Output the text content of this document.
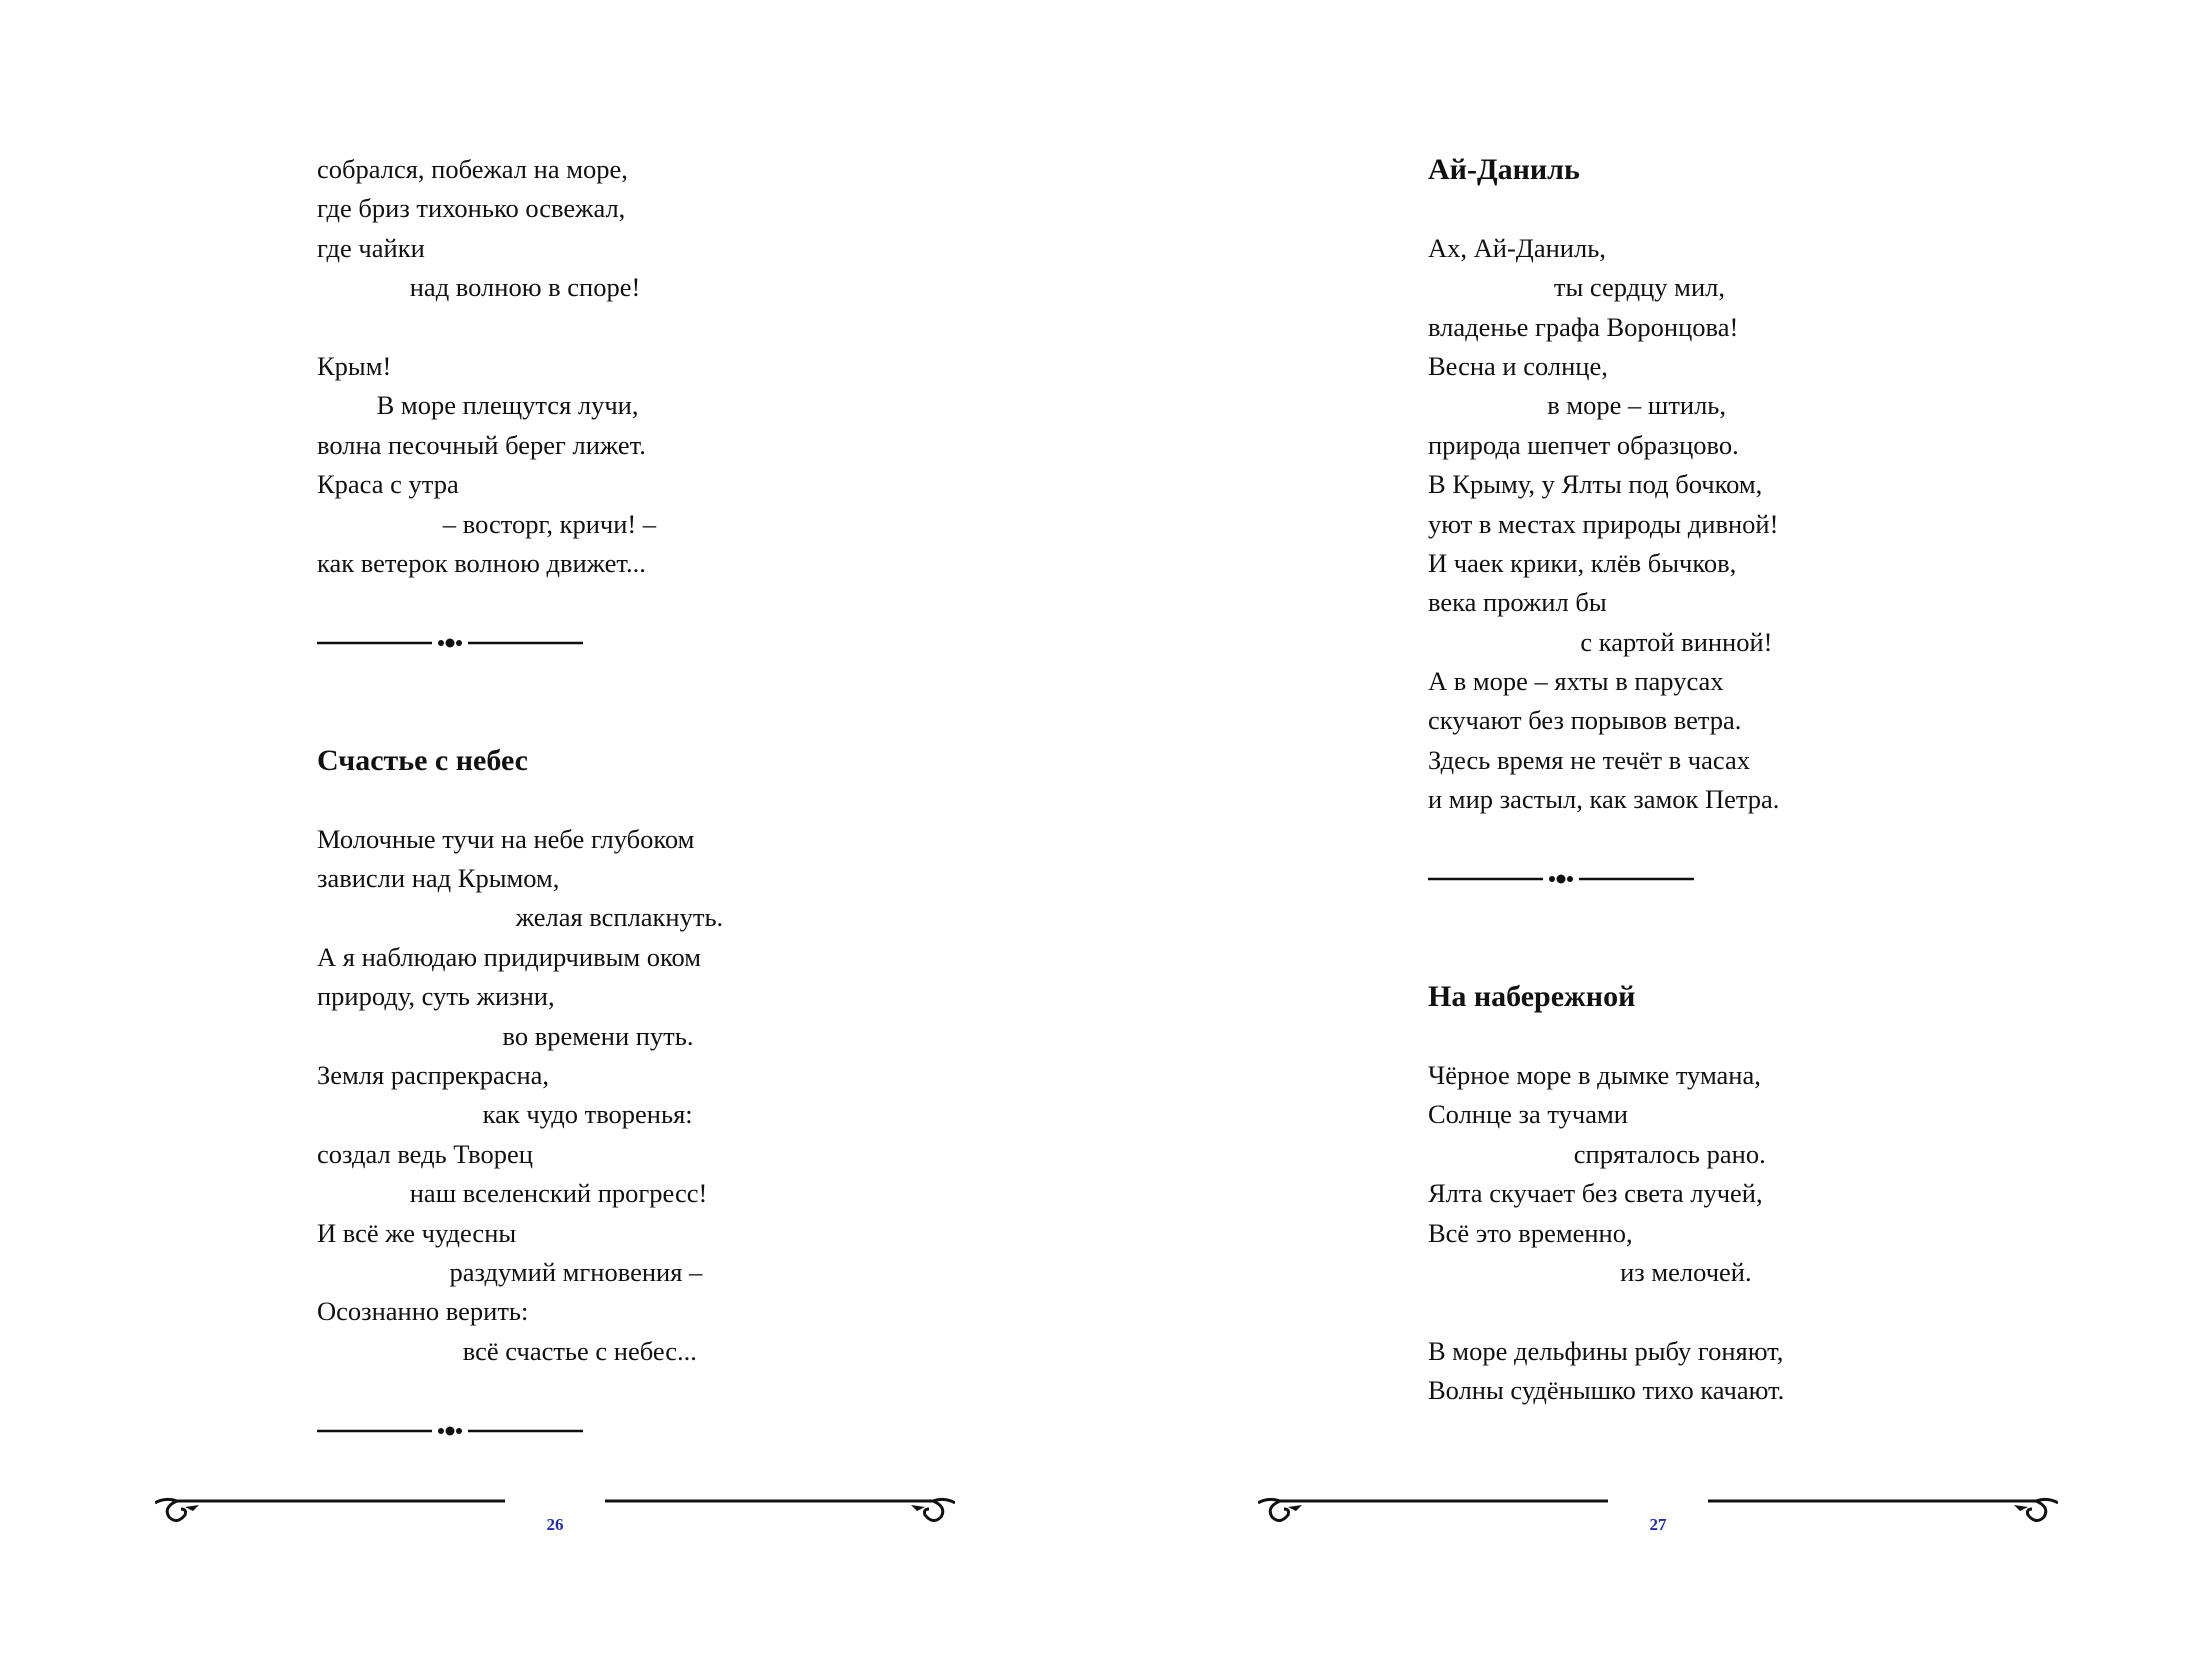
собрался, побежал на море,
где бриз тихонько освежал,
где чайки
над волною в споре!
Крым!
В море плещутся лучи,
волна песочный берег лижет.
Краса с утра
– восторг, кричи! –
как ветерок волною движет...
Счастье с небес
Молочные тучи на небе глубоком
зависли над Крымом,
желая всплакнуть.
А я наблюдаю придирчивым оком
природу, суть жизни,
во времени путь.
Земля распрекрасна,
как чудо творенья:
создал ведь Творец
наш вселенский прогресс!
И всё же чудесны
раздумий мгновения –
Осознанно верить:
всё счастье с небес...
26
Ай-Даниль
Ах, Ай-Даниль,
ты сердцу мил,
владенье графа Воронцова!
Весна и солнце,
в море – штиль,
природа шепчет образцово.
В Крыму, у Ялты под бочком,
уют в местах природы дивной!
И чаек крики, клёв бычков,
века прожил бы
с картой винной!
А в море – яхты в парусах
скучают без порывов ветра.
Здесь время не течёт в часах
и мир застыл, как замок Петра.
На набережной
Чёрное море в дымке тумана,
Солнце за тучами
спряталось рано.
Ялта скучает без света лучей,
Всё это временно,
из мелочей.
В море дельфины рыбу гоняют,
Волны судёнышко тихо качают.
27
